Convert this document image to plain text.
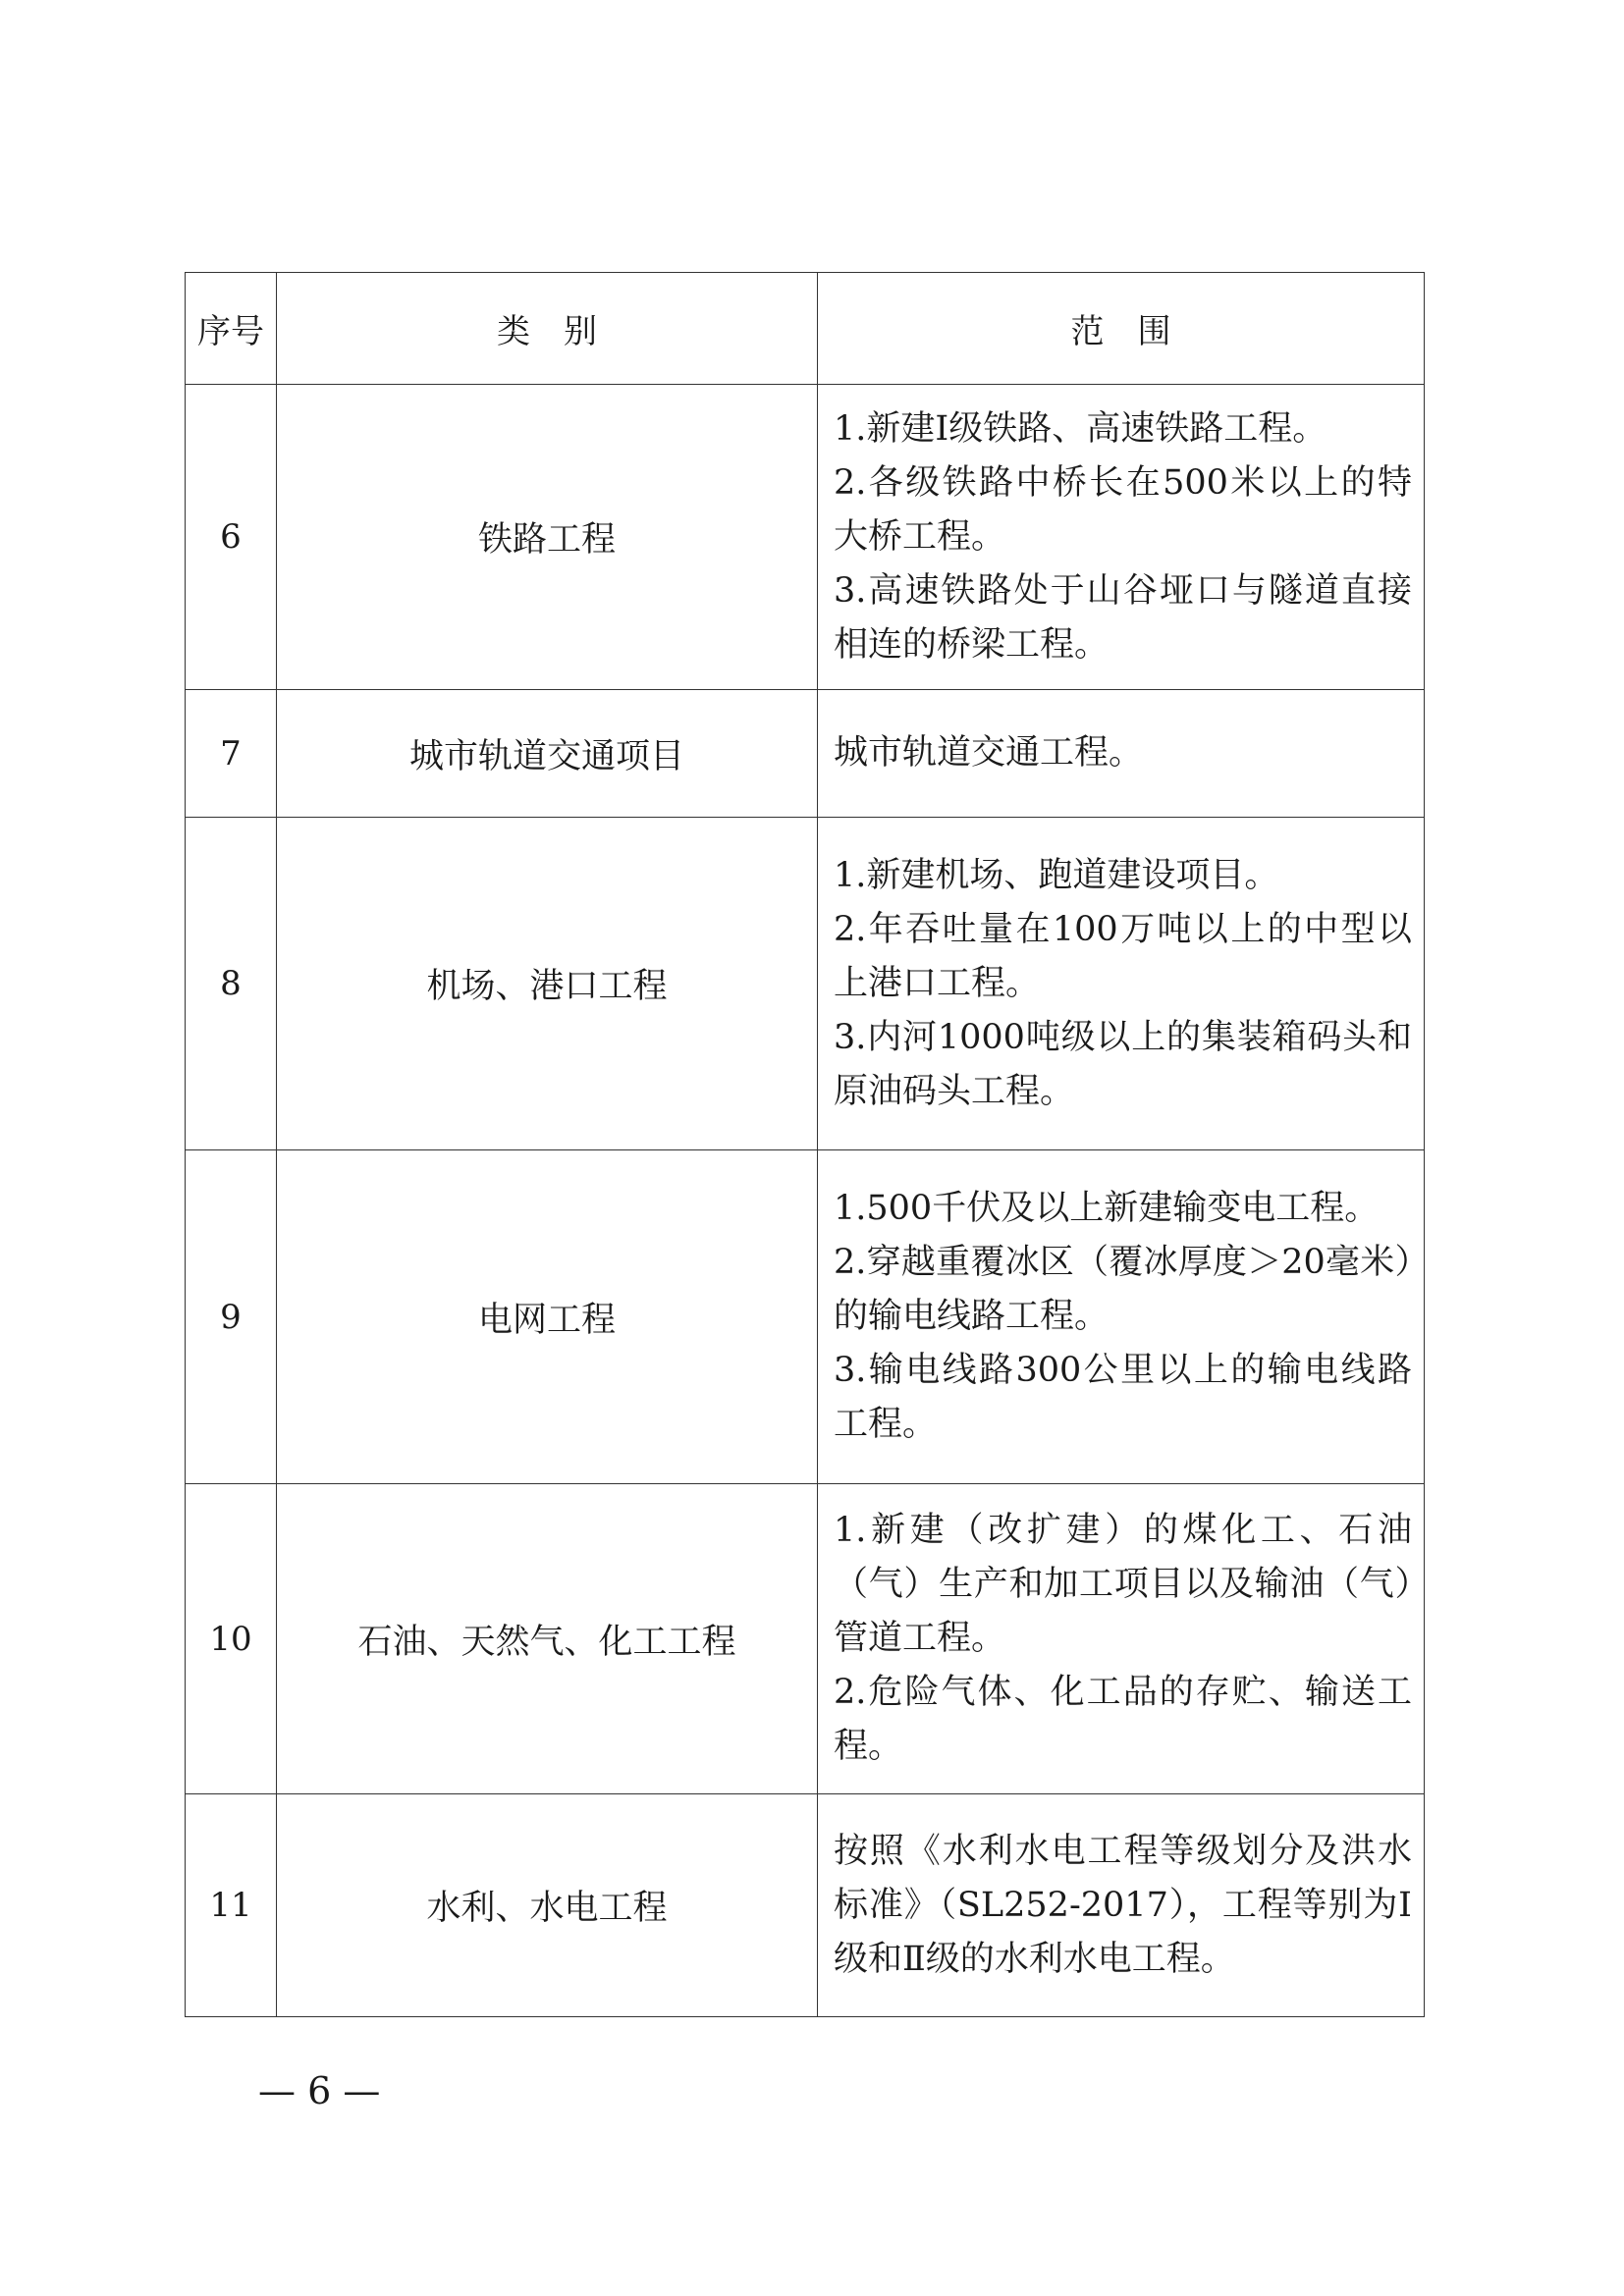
序号	类别	范围
6	铁路工程	1.新建Ⅰ级铁路、高速铁路工程。
2.各级铁路中桥长在500米以上的特大桥工程。
3.高速铁路处于山谷垭口与隧道直接相连的桥梁工程。

7	城市轨道交通项目	城市轨道交通工程。

8	机场、港口工程	1.新建机场、跑道建设项目。
2.年吞吐量在100万吨以上的中型以上港口工程。
3.内河1000吨级以上的集装箱码头和原油码头工程。

9	电网工程	1.500千伏及以上新建输变电工程。
2.穿越重覆冰区（覆冰厚度＞20毫米）的输电线路工程。
3.输电线路300公里以上的输电线路工程。

10	石油、天然气、化工工程	1.新建（改扩建）的煤化工、石油（气）生产和加工项目以及输油（气）管道工程。
2.危险气体、化工品的存贮、输送工程。

11	水利、水电工程	按照《水利水电工程等级划分及洪水标准》（SL252-2017），工程等别为Ⅰ级和Ⅱ级的水利水电工程。
— 6 —
